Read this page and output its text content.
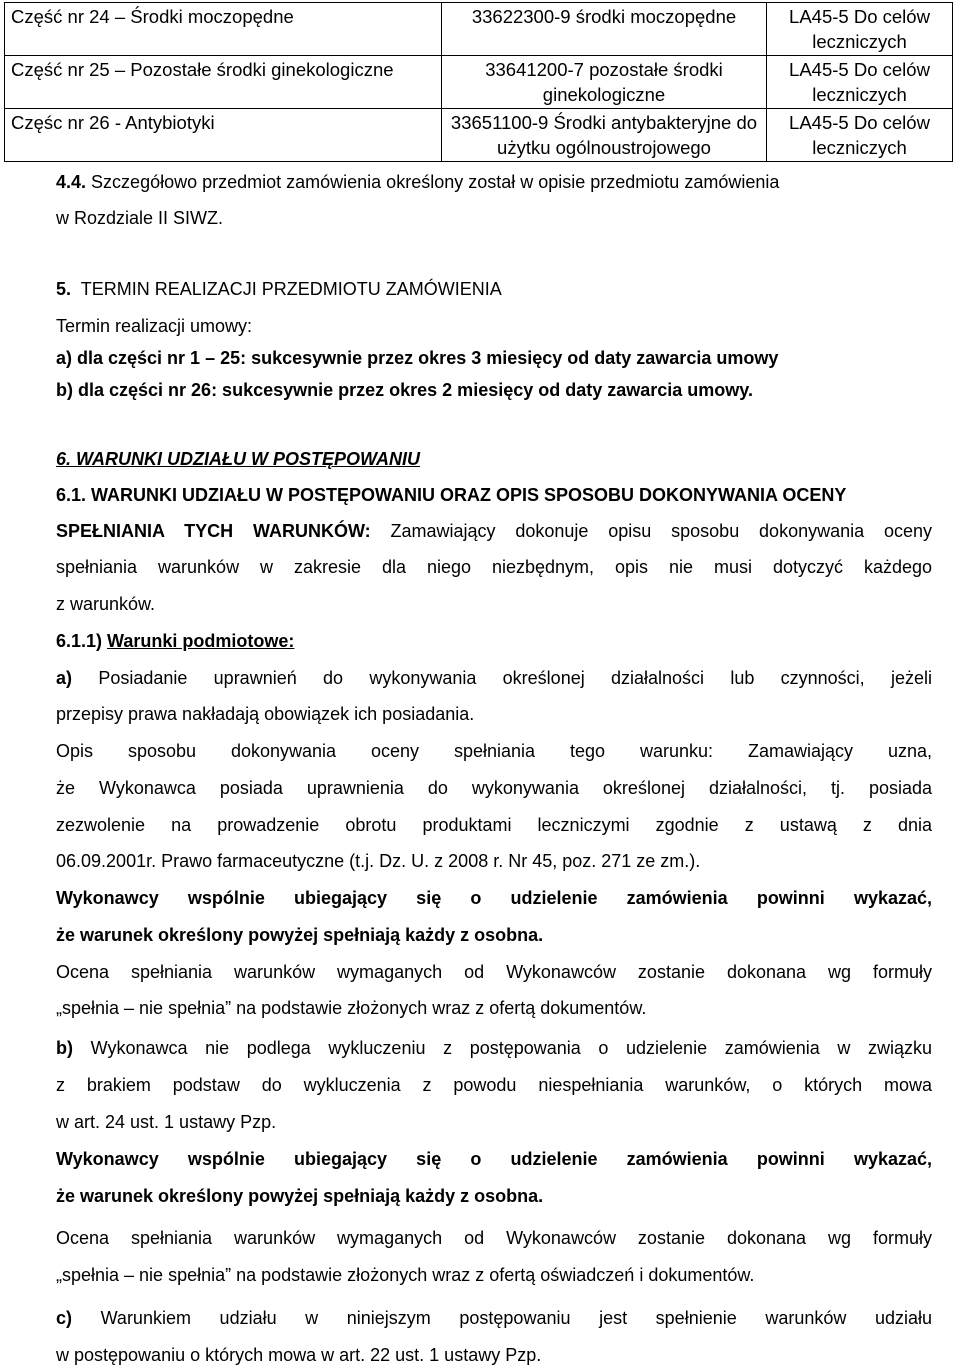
Część nr 24 – Środki moczopędne	33622300-9 środki moczopędne	LA45-5 Do celów leczniczych
Część nr 25 – Pozostałe środki ginekologiczne	33641200-7 pozostałe środki ginekologiczne	LA45-5 Do celów leczniczych
Częśc nr 26 - Antybiotyki	33651100-9 Środki antybakteryjne do użytku ogólnoustrojowego	LA45-5 Do celów leczniczych
4.4. Szczegółowo przedmiot zamówienia określony został w opisie przedmiotu zamówienia
w Rozdziale II SIWZ.
5. TERMIN REALIZACJI PRZEDMIOTU ZAMÓWIENIA
Termin realizacji umowy:
a) dla części nr 1 – 25: sukcesywnie przez okres 3 miesięcy od daty zawarcia umowy
b) dla części nr 26: sukcesywnie przez okres 2 miesięcy od daty zawarcia umowy.
6. WARUNKI UDZIAŁU W POSTĘPOWANIU
6.1. WARUNKI UDZIAŁU W POSTĘPOWANIU ORAZ OPIS SPOSOBU DOKONYWANIA OCENY
SPEŁNIANIA TYCH WARUNKÓW: Zamawiający dokonuje opisu sposobu dokonywania oceny
spełniania warunków w zakresie dla niego niezbędnym, opis nie musi dotyczyć każdego
z warunków.
6.1.1) Warunki podmiotowe:
a) Posiadanie uprawnień do wykonywania określonej działalności lub czynności, jeżeli
przepisy prawa nakładają obowiązek ich posiadania.
Opis sposobu dokonywania oceny spełniania tego warunku: Zamawiający uzna,
że Wykonawca posiada uprawnienia do wykonywania określonej działalności, tj. posiada
zezwolenie na prowadzenie obrotu produktami leczniczymi zgodnie z ustawą z dnia
06.09.2001r. Prawo farmaceutyczne (t.j. Dz. U. z 2008 r. Nr 45, poz. 271 ze zm.).
Wykonawcy wspólnie ubiegający się o udzielenie zamówienia powinni wykazać,
że warunek określony powyżej spełniają każdy z osobna.
Ocena spełniania warunków wymaganych od Wykonawców zostanie dokonana wg formuły
„spełnia – nie spełnia” na podstawie złożonych wraz z ofertą dokumentów.
b) Wykonawca nie podlega wykluczeniu z postępowania o udzielenie zamówienia w związku
z brakiem podstaw do wykluczenia z powodu niespełniania warunków, o których mowa
w art. 24 ust. 1 ustawy Pzp.
Wykonawcy wspólnie ubiegający się o udzielenie zamówienia powinni wykazać,
że warunek określony powyżej spełniają każdy z osobna.
Ocena spełniania warunków wymaganych od Wykonawców zostanie dokonana wg formuły
„spełnia – nie spełnia” na podstawie złożonych wraz z ofertą oświadczeń i dokumentów.
c) Warunkiem udziału w niniejszym postępowaniu jest spełnienie warunków udziału
w postępowaniu o których mowa w art. 22 ust. 1 ustawy Pzp.
